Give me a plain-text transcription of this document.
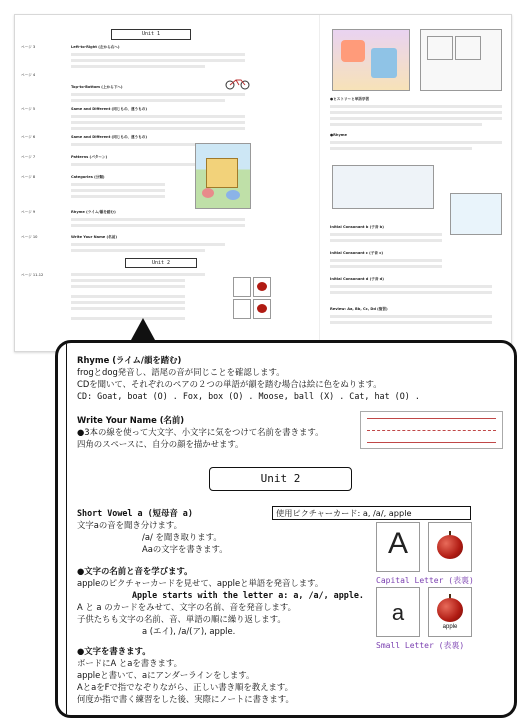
Unit 1
ページ 3
ページ 4
ページ 5
ページ 6
ページ 7
ページ 8
ページ 9
ページ 10
ページ 11-12
Left-to-Right (左から右へ)
Top-to-Bottom (上から下へ)
Same and Different (同じもの、違うもの)
Same and Different (同じもの、違うもの)
Patterns (パターン)
Categories (分類)
Rhyme (ライム/韻を踏む)
Write Your Name (名前)
Unit 2
●ヒストリーと単語学習
●Rhyme
Initial Consonant b (子音 b)
Initial Consonant c (子音 c)
Initial Consonant d (子音 d)
Review: Aa, Bb, Cc, Dd (復習)
Rhyme (ライム/韻を踏む)
frogとdog発音し、語尾の音が同じことを確認します。
CDを聞いて、それぞれのペアの２つの単語が韻を踏む場合は絵に色をぬります。
CD: Goat, boat (O) . Fox, box (O) . Moose, ball (X) . Cat, hat (O) .
Write Your Name (名前)
●3本の線を使って大文字、小文字に気をつけて名前を書きます。
四角のスペースに、自分の顔を描かせます。
Unit 2
Short Vowel a (短母音 a)	使用ピクチャーカード: a, /a/, apple
文字aの音を聞き分けます。
/a/ を聞き取ります。
Aaの文字を書きます。
●文字の名前と音を学びます。
appleのピクチャーカードを見せて、appleと単語を発音します。
Apple starts with the letter a: a, /a/, apple.
A と a のカードをみせて、文字の名前、音を発音します。
子供たちも文字の名前、音、単語の順に繰り返します。
a (エイ), /a/(ア), apple.
●文字を書きます。
ボードにA とaを書きます。
appleと書いて、aにアンダーラインをします。
AとaをFで指でなぞりながら、正しい書き順を教えます。
何度か指で書く練習をした後、実際にノートに書きます。
A
Capital Letter (表裏)
a
apple
Small Letter (表裏)
